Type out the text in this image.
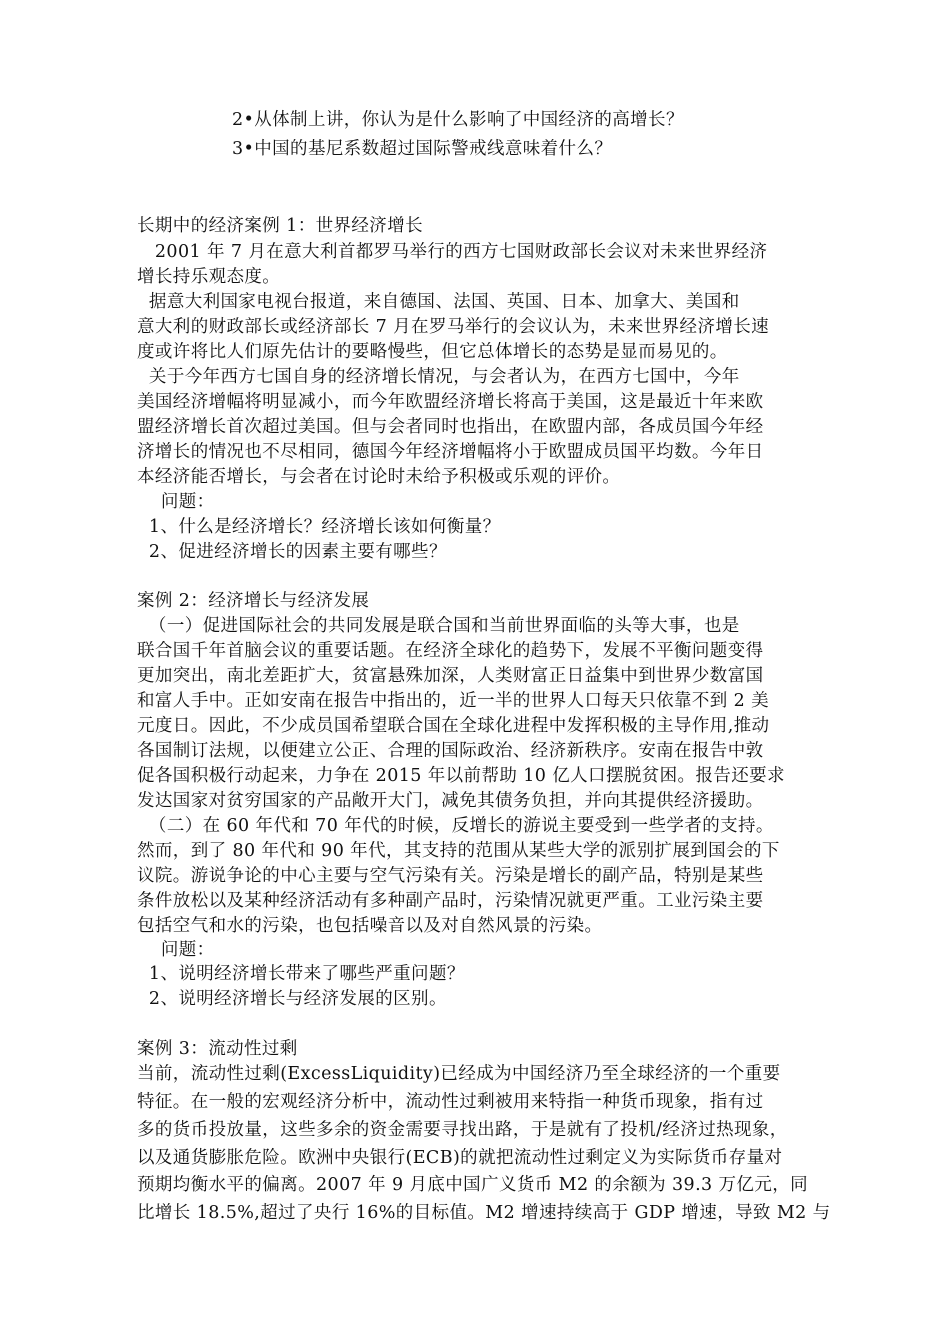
2•从体制上讲，你认为是什么影响了中国经济的高增长？
3•中国的基尼系数超过国际警戒线意味着什么？
长期中的经济案例 1：世界经济增长
2001 年 7 月在意大利首都罗马举行的西方七国财政部长会议对未来世界经济
增长持乐观态度。
据意大利国家电视台报道，来自德国、法国、英国、日本、加拿大、美国和
意大利的财政部长或经济部长 7 月在罗马举行的会议认为，未来世界经济增长速
度或许将比人们原先估计的要略慢些，但它总体增长的态势是显而易见的。
关于今年西方七国自身的经济增长情况，与会者认为，在西方七国中，今年
美国经济增幅将明显减小，而今年欧盟经济增长将高于美国，这是最近十年来欧
盟经济增长首次超过美国。但与会者同时也指出，在欧盟内部，各成员国今年经
济增长的情况也不尽相同，德国今年经济增幅将小于欧盟成员国平均数。今年日
本经济能否增长，与会者在讨论时未给予积极或乐观的评价。
问题：
1、什么是经济增长？经济增长该如何衡量？
2、促进经济增长的因素主要有哪些？
案例 2：经济增长与经济发展
（一）促进国际社会的共同发展是联合国和当前世界面临的头等大事，也是
联合国千年首脑会议的重要话题。在经济全球化的趋势下，发展不平衡问题变得
更加突出，南北差距扩大，贫富悬殊加深，人类财富正日益集中到世界少数富国
和富人手中。正如安南在报告中指出的，近一半的世界人口每天只依靠不到 2 美
元度日。因此，不少成员国希望联合国在全球化进程中发挥积极的主导作用,推动
各国制订法规，以便建立公正、合理的国际政治、经济新秩序。安南在报告中敦
促各国积极行动起来，力争在 2015 年以前帮助 10 亿人口摆脱贫困。报告还要求
发达国家对贫穷国家的产品敞开大门，减免其债务负担，并向其提供经济援助。
（二）在 60 年代和 70 年代的时候，反增长的游说主要受到一些学者的支持。
然而，到了 80 年代和 90 年代，其支持的范围从某些大学的派别扩展到国会的下
议院。游说争论的中心主要与空气污染有关。污染是增长的副产品，特别是某些
条件放松以及某种经济活动有多种副产品时，污染情况就更严重。工业污染主要
包括空气和水的污染，也包括噪音以及对自然风景的污染。
问题：
1、说明经济增长带来了哪些严重问题？
2、说明经济增长与经济发展的区别。
案例 3：流动性过剩
当前，流动性过剩(ExcessLiquidity)已经成为中国经济乃至全球经济的一个重要
特征。在一般的宏观经济分析中，流动性过剩被用来特指一种货币现象，指有过
多的货币投放量，这些多余的资金需要寻找出路，于是就有了投机/经济过热现象，
以及通货膨胀危险。欧洲中央银行(ECB)的就把流动性过剩定义为实际货币存量对
预期均衡水平的偏离。2007 年 9 月底中国广义货币 M2 的余额为 39.3 万亿元，同
比增长 18.5%,超过了央行 16%的目标值。M2 增速持续高于 GDP 增速，导致 M2 与
